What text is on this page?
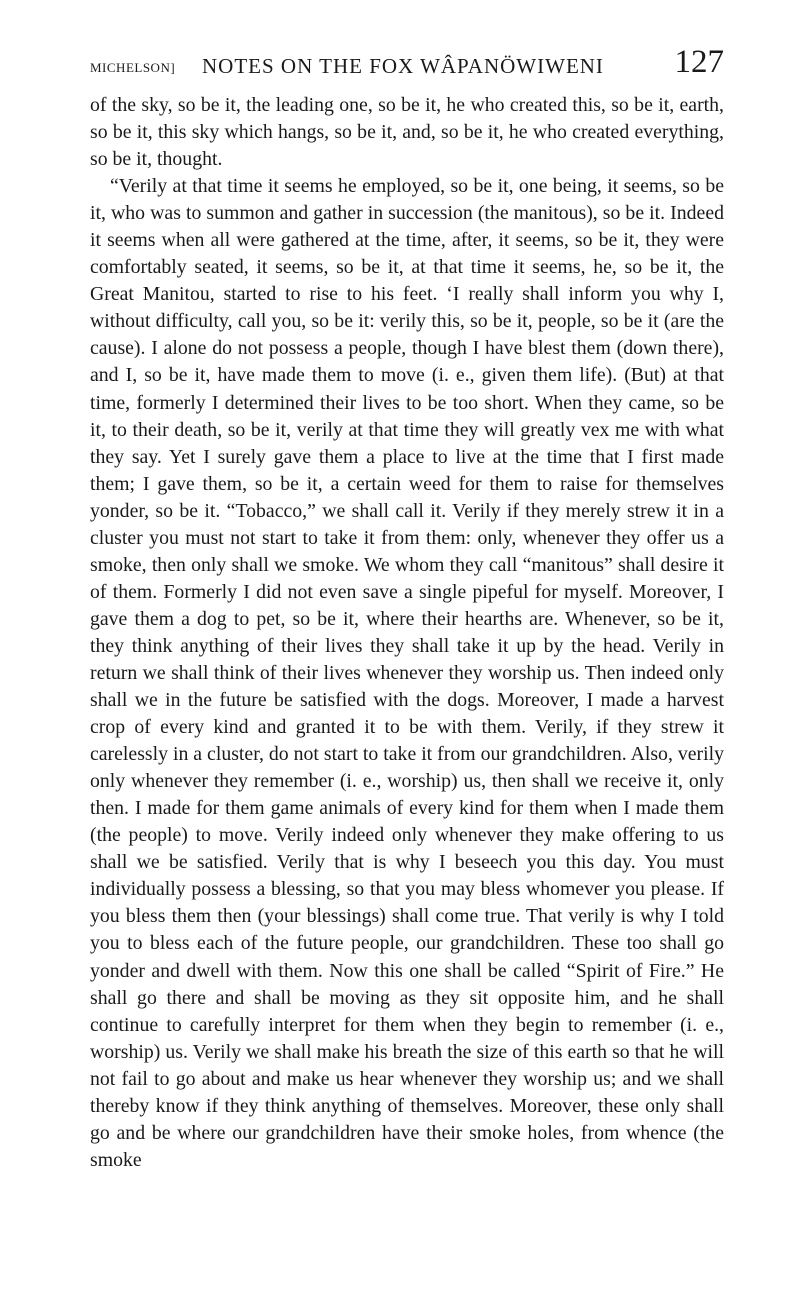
MICHELSON] NOTES ON THE FOX WÂPANÖWIWENI 127

of the sky, so be it, the leading one, so be it, he who created this, so be it, earth, so be it, this sky which hangs, so be it, and, so be it, he who created everything, so be it, thought.

“Verily at that time it seems he employed, so be it, one being, it seems, so be it, who was to summon and gather in succession (the manitous), so be it. Indeed it seems when all were gathered at the time, after, it seems, so be it, they were comfortably seated, it seems, so be it, at that time it seems, he, so be it, the Great Manitou, started to rise to his feet. ‘I really shall inform you why I, without difficulty, call you, so be it: verily this, so be it, people, so be it (are the cause). I alone do not possess a people, though I have blest them (down there), and I, so be it, have made them to move (i. e., given them life). (But) at that time, formerly I determined their lives to be too short. When they came, so be it, to their death, so be it, verily at that time they will greatly vex me with what they say. Yet I surely gave them a place to live at the time that I first made them; I gave them, so be it, a certain weed for them to raise for themselves yonder, so be it. “Tobacco,” we shall call it. Verily if they merely strew it in a cluster you must not start to take it from them: only, whenever they offer us a smoke, then only shall we smoke. We whom they call “manitous” shall desire it of them. Formerly I did not even save a single pipeful for myself. Moreover, I gave them a dog to pet, so be it, where their hearths are. Whenever, so be it, they think anything of their lives they shall take it up by the head. Verily in return we shall think of their lives whenever they worship us. Then indeed only shall we in the future be satisfied with the dogs. Moreover, I made a harvest crop of every kind and granted it to be with them. Verily, if they strew it carelessly in a cluster, do not start to take it from our grandchildren. Also, verily only whenever they remember (i. e., worship) us, then shall we receive it, only then. I made for them game animals of every kind for them when I made them (the people) to move. Verily indeed only whenever they make offering to us shall we be satisfied. Verily that is why I beseech you this day. You must individually possess a blessing, so that you may bless whomever you please. If you bless them then (your blessings) shall come true. That verily is why I told you to bless each of the future people, our grandchildren. These too shall go yonder and dwell with them. Now this one shall be called “Spirit of Fire.” He shall go there and shall be moving as they sit opposite him, and he shall continue to carefully interpret for them when they begin to remember (i. e., worship) us. Verily we shall make his breath the size of this earth so that he will not fail to go about and make us hear whenever they worship us; and we shall thereby know if they think anything of themselves. Moreover, these only shall go and be where our grandchildren have their smoke holes, from whence (the smoke
